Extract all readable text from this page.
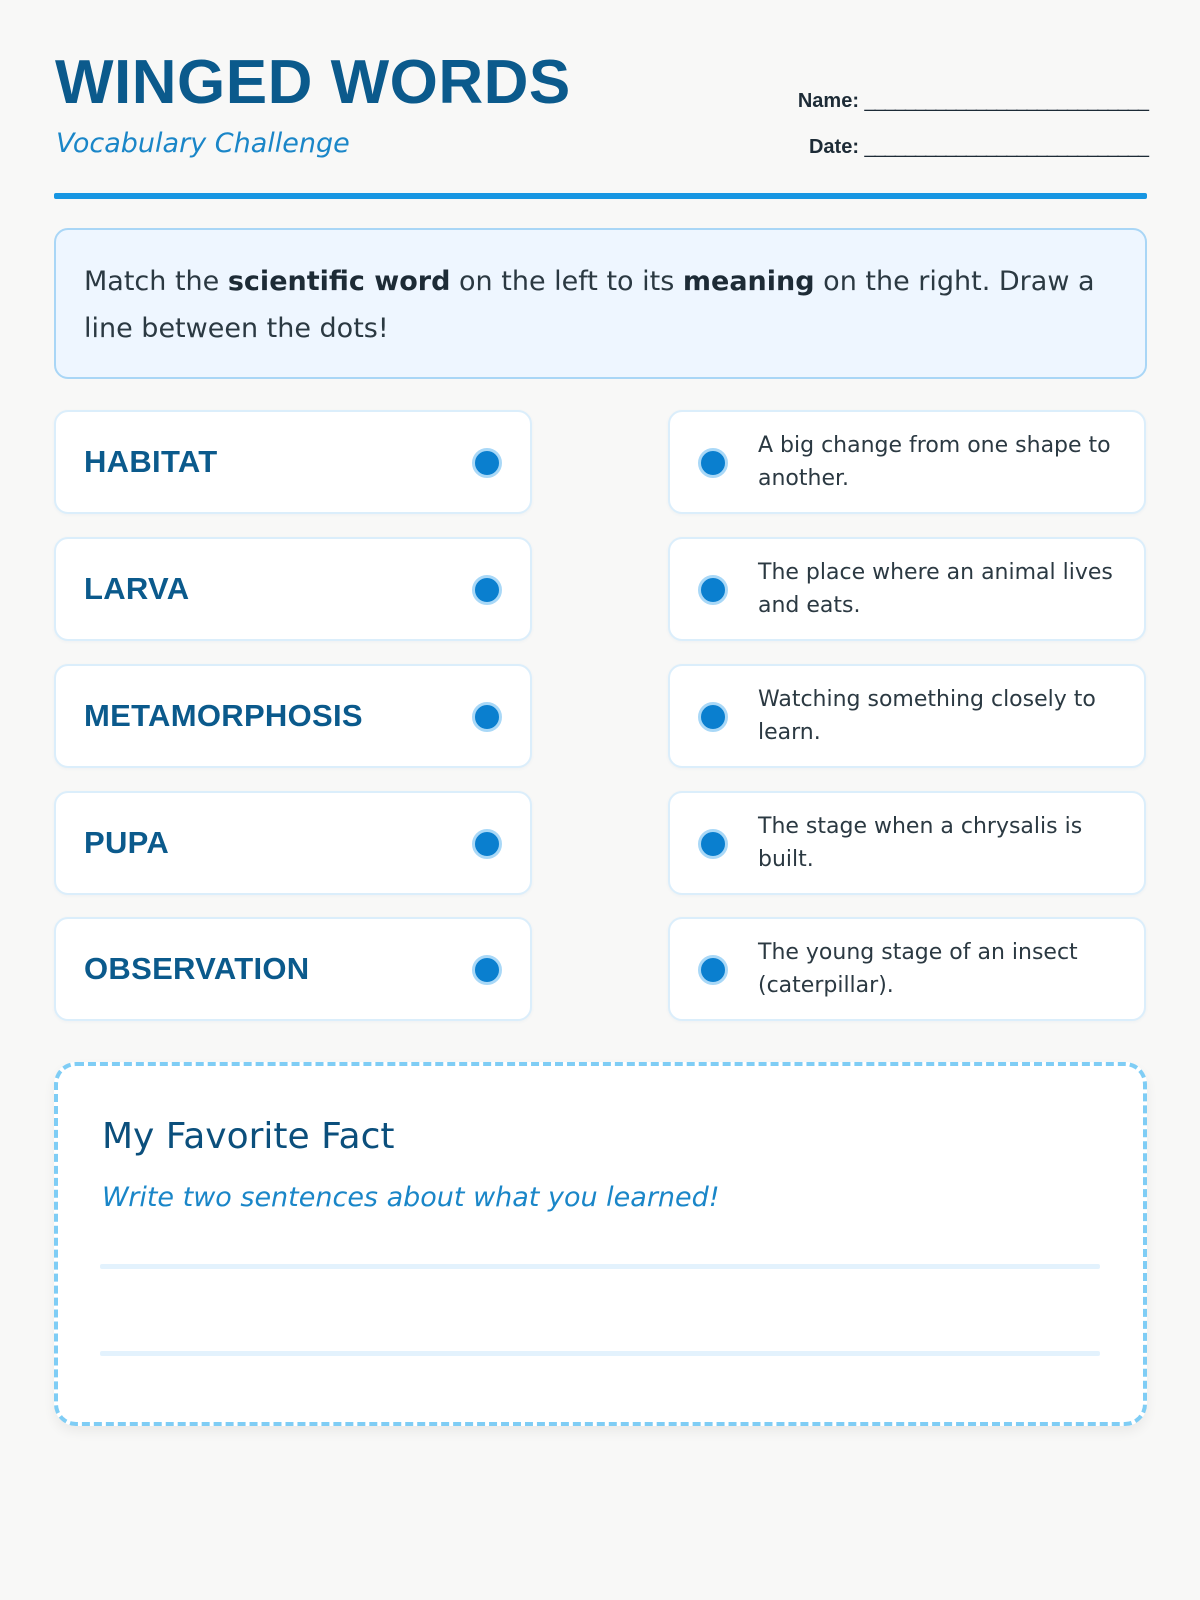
WINGED WORDS
Vocabulary Challenge
Name: ____________________________
Date: ____________________________
Match the scientific word on the left to its meaning on the right. Draw a line between the dots!
HABITAT	A big change from one shape to another.
LARVA	The place where an animal lives and eats.
METAMORPHOSIS	Watching something closely to learn.
PUPA	The stage when a chrysalis is built.
OBSERVATION	The young stage of an insect (caterpillar).
My Favorite Fact
Write two sentences about what you learned!
